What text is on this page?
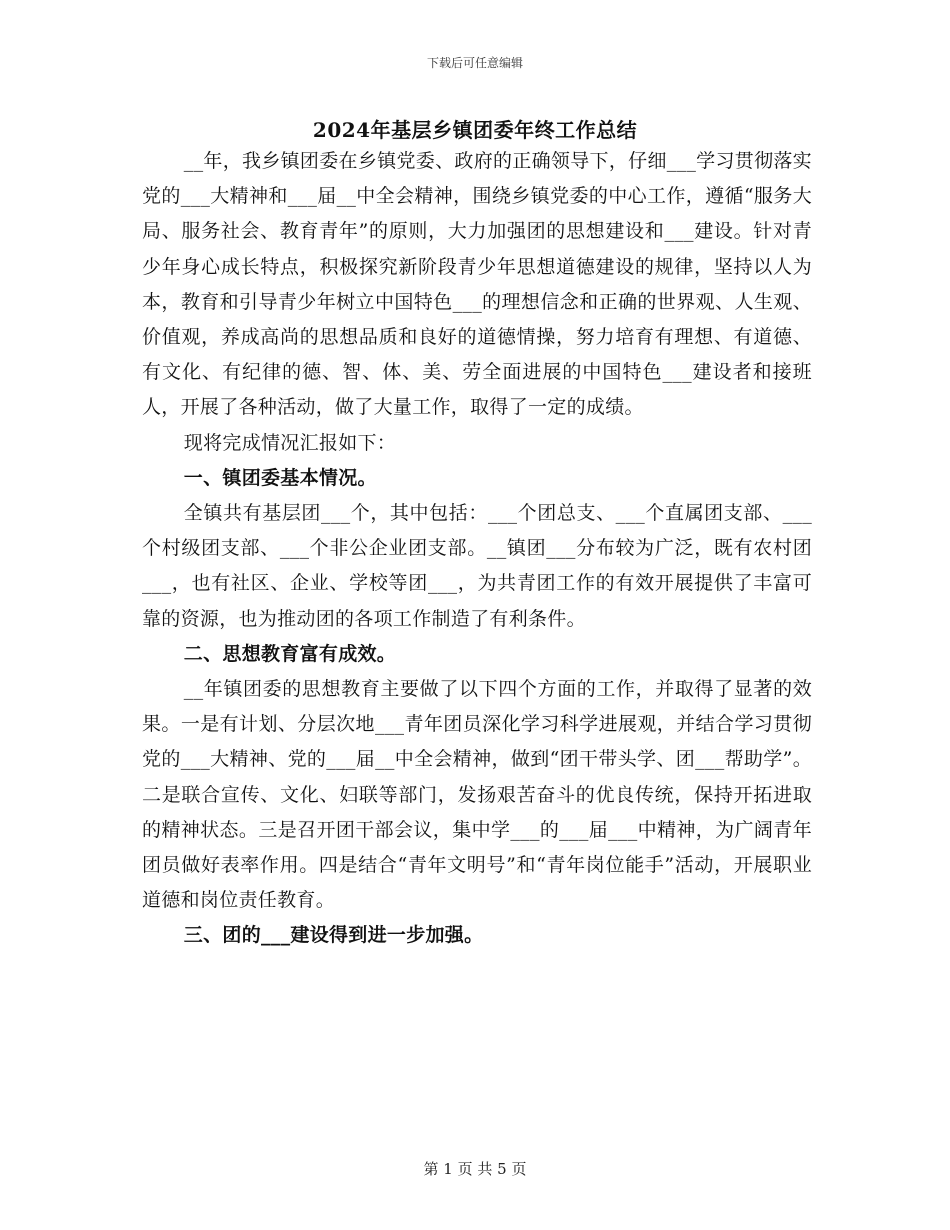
下载后可任意编辑
2024年基层乡镇团委年终工作总结

__年，我乡镇团委在乡镇党委、政府的正确领导下，仔细___学习贯彻落实党的___大精神和___届__中全会精神，围绕乡镇党委的中心工作，遵循“服务大局、服务社会、教育青年”的原则，大力加强团的思想建设和___建设。针对青少年身心成长特点，积极探究新阶段青少年思想道德建设的规律，坚持以人为本，教育和引导青少年树立中国特色___的理想信念和正确的世界观、人生观、价值观，养成高尚的思想品质和良好的道德情操，努力培育有理想、有道德、有文化、有纪律的德、智、体、美、劳全面进展的中国特色___建设者和接班人，开展了各种活动，做了大量工作，取得了一定的成绩。

现将完成情况汇报如下：

一、镇团委基本情况。

全镇共有基层团___个，其中包括：___个团总支、___个直属团支部、___个村级团支部、___个非公企业团支部。__镇团___分布较为广泛，既有农村团___，也有社区、企业、学校等团___，为共青团工作的有效开展提供了丰富可靠的资源，也为推动团的各项工作制造了有利条件。

二、思想教育富有成效。

__年镇团委的思想教育主要做了以下四个方面的工作，并取得了显著的效果。一是有计划、分层次地___青年团员深化学习科学进展观，并结合学习贯彻党的___大精神、党的___届__中全会精神，做到“团干带头学、团___帮助学”。二是联合宣传、文化、妇联等部门，发扬艰苦奋斗的优良传统，保持开拓进取的精神状态。三是召开团干部会议，集中学___的___届___中精神，为广阔青年团员做好表率作用。四是结合“青年文明号”和“青年岗位能手”活动，开展职业道德和岗位责任教育。

三、团的___建设得到进一步加强。

第 1 页 共 5 页
